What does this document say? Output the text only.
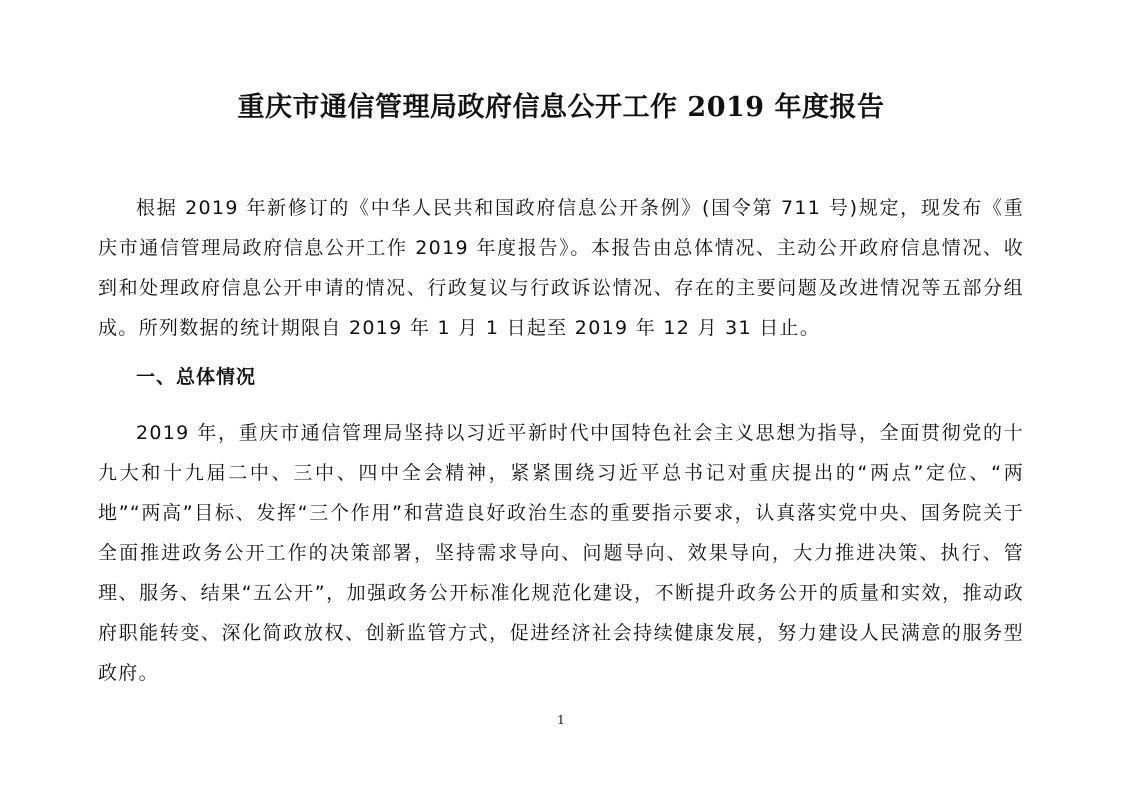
重庆市通信管理局政府信息公开工作 2019 年度报告

根据 2019 年新修订的《中华人民共和国政府信息公开条例》(国令第 711 号)规定，现发布《重庆市通信管理局政府信息公开工作 2019 年度报告》。本报告由总体情况、主动公开政府信息情况、收到和处理政府信息公开申请的情况、行政复议与行政诉讼情况、存在的主要问题及改进情况等五部分组成。所列数据的统计期限自 2019 年 1 月 1 日起至 2019 年 12 月 31 日止。

一、总体情况

2019 年，重庆市通信管理局坚持以习近平新时代中国特色社会主义思想为指导，全面贯彻党的十九大和十九届二中、三中、四中全会精神，紧紧围绕习近平总书记对重庆提出的“两点”定位、“两地”“两高”目标、发挥“三个作用”和营造良好政治生态的重要指示要求，认真落实党中央、国务院关于全面推进政务公开工作的决策部署，坚持需求导向、问题导向、效果导向，大力推进决策、执行、管理、服务、结果“五公开”，加强政务公开标准化规范化建设，不断提升政务公开的质量和实效，推动政府职能转变、深化简政放权、创新监管方式，促进经济社会持续健康发展，努力建设人民满意的服务型政府。

1
